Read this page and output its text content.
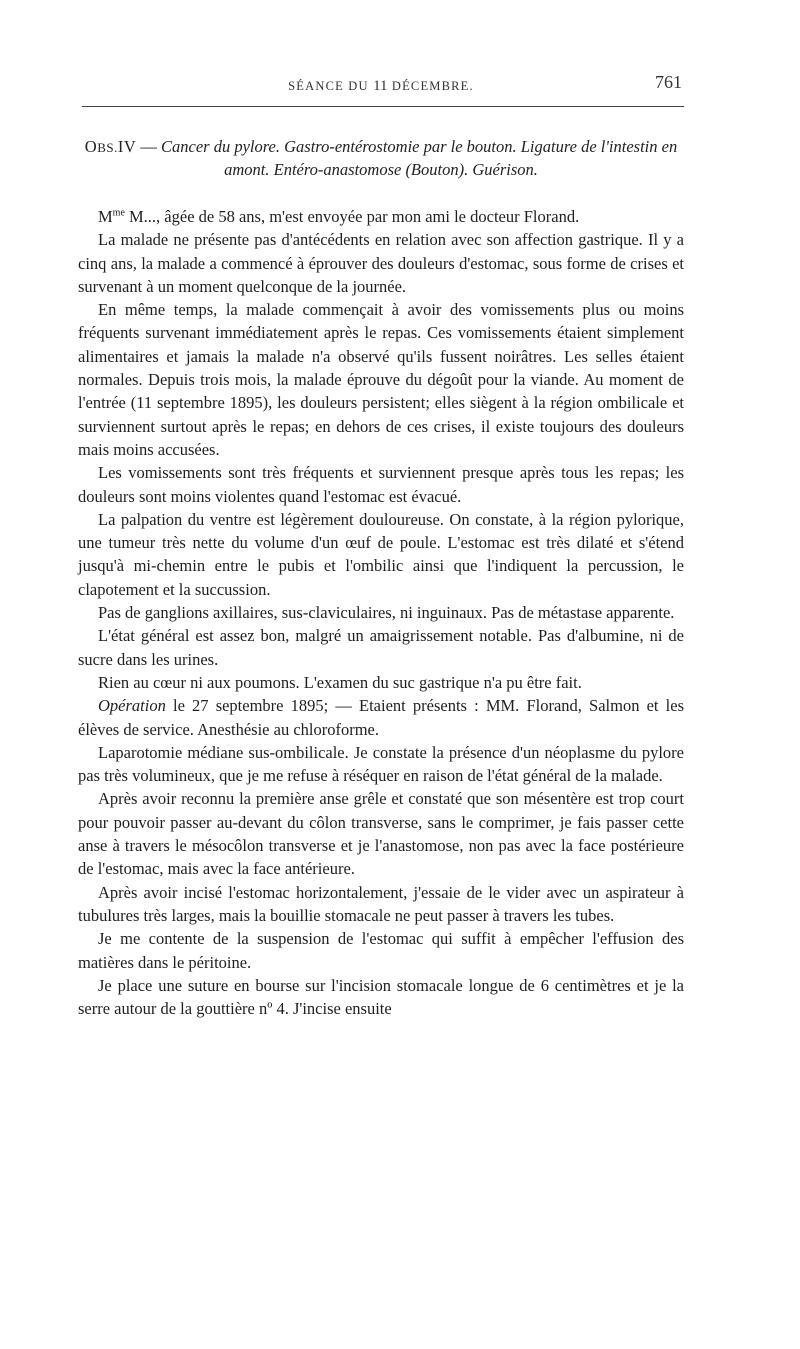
SÉANCE DU 11 DÉCEMBRE.	761

OBS.IV — Cancer du pylore. Gastro-entérostomie par le bouton. Ligature de l'intestin en amont. Entéro-anastomose (Bouton). Guérison.

$M^{me}$ M..., âgée de 58 ans, m'est envoyée par mon ami le docteur Florand.

La malade ne présente pas d'antécédents en relation avec son affection gastrique. Il y a cinq ans, la malade a commencé à éprouver des douleurs d'estomac, sous forme de crises et survenant à un moment quelconque de la journée.

En même temps, la malade commençait à avoir des vomissements plus ou moins fréquents survenant immédiatement après le repas. Ces vomissements étaient simplement alimentaires et jamais la malade n'a observé qu'ils fussent noirâtres. Les selles étaient normales. Depuis trois mois, la malade éprouve du dégoût pour la viande. Au moment de l'entrée (11 septembre 1895), les douleurs persistent; elles siègent à la région ombilicale et surviennent surtout après le repas; en dehors de ces crises, il existe toujours des douleurs mais moins accusées.

Les vomissements sont très fréquents et surviennent presque après tous les repas; les douleurs sont moins violentes quand l'estomac est évacué.

La palpation du ventre est légèrement douloureuse. On constate, à la région pylorique, une tumeur très nette du volume d'un œuf de poule. L'estomac est très dilaté et s'étend jusqu'à mi-chemin entre le pubis et l'ombilic ainsi que l'indiquent la percussion, le clapotement et la succussion.

Pas de ganglions axillaires, sus-claviculaires, ni inguinaux. Pas de métastase apparente.

L'état général est assez bon, malgré un amaigrissement notable. Pas d'albumine, ni de sucre dans les urines.

Rien au cœur ni aux poumons. L'examen du suc gastrique n'a pu être fait.

Opération le 27 septembre 1895; — Etaient présents : MM. Florand, Salmon et les élèves de service. Anesthésie au chloroforme.

Laparotomie médiane sus-ombilicale. Je constate la présence d'un néoplasme du pylore pas très volumineux, que je me refuse à réséquer en raison de l'état général de la malade.

Après avoir reconnu la première anse grêle et constaté que son mésentère est trop court pour pouvoir passer au-devant du côlon transverse, sans le comprimer, je fais passer cette anse à travers le mésocôlon transverse et je l'anastomose, non pas avec la face postérieure de l'estomac, mais avec la face antérieure.

Après avoir incisé l'estomac horizontalement, j'essaie de le vider avec un aspirateur à tubulures très larges, mais la bouillie stomacale ne peut passer à travers les tubes.

Je me contente de la suspension de l'estomac qui suffit à empêcher l'effusion des matières dans le péritoine.

Je place une suture en bourse sur l'incision stomacale longue de 6 centimètres et je la serre autour de la gouttière nº 4. J'incise ensuite
